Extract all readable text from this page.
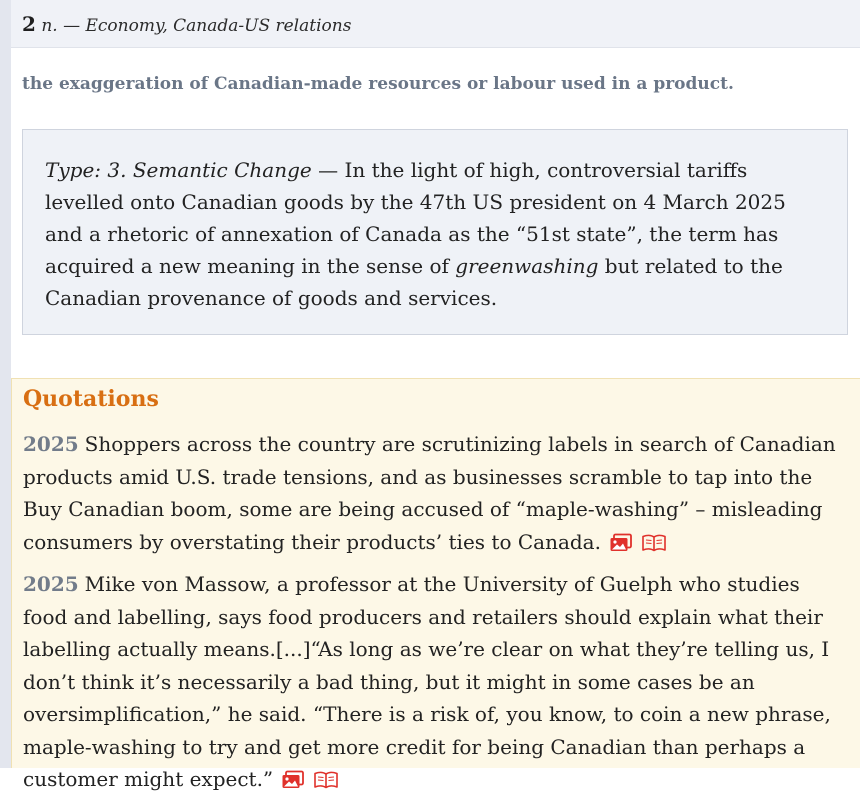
2 n. — Economy, Canada-US relations
the exaggeration of Canadian-made resources or labour used in a product.
Type: 3. Semantic Change — In the light of high, controversial tariffs levelled onto Canadian goods by the 47th US president on 4 March 2025 and a rhetoric of annexation of Canada as the “51st state”, the term has acquired a new meaning in the sense of greenwashing but related to the Canadian provenance of goods and services.
Quotations
2025 Shoppers across the country are scrutinizing labels in search of Canadian products amid U.S. trade tensions, and as businesses scramble to tap into the Buy Canadian boom, some are being accused of “maple-washing” – misleading consumers by overstating their products’ ties to Canada.
2025 Mike von Massow, a professor at the University of Guelph who studies food and labelling, says food producers and retailers should explain what their labelling actually means.[...]“As long as we’re clear on what they’re telling us, I don’t think it’s necessarily a bad thing, but it might in some cases be an oversimplification,” he said. “There is a risk of, you know, to coin a new phrase, maple-washing to try and get more credit for being Canadian than perhaps a customer might expect.”
